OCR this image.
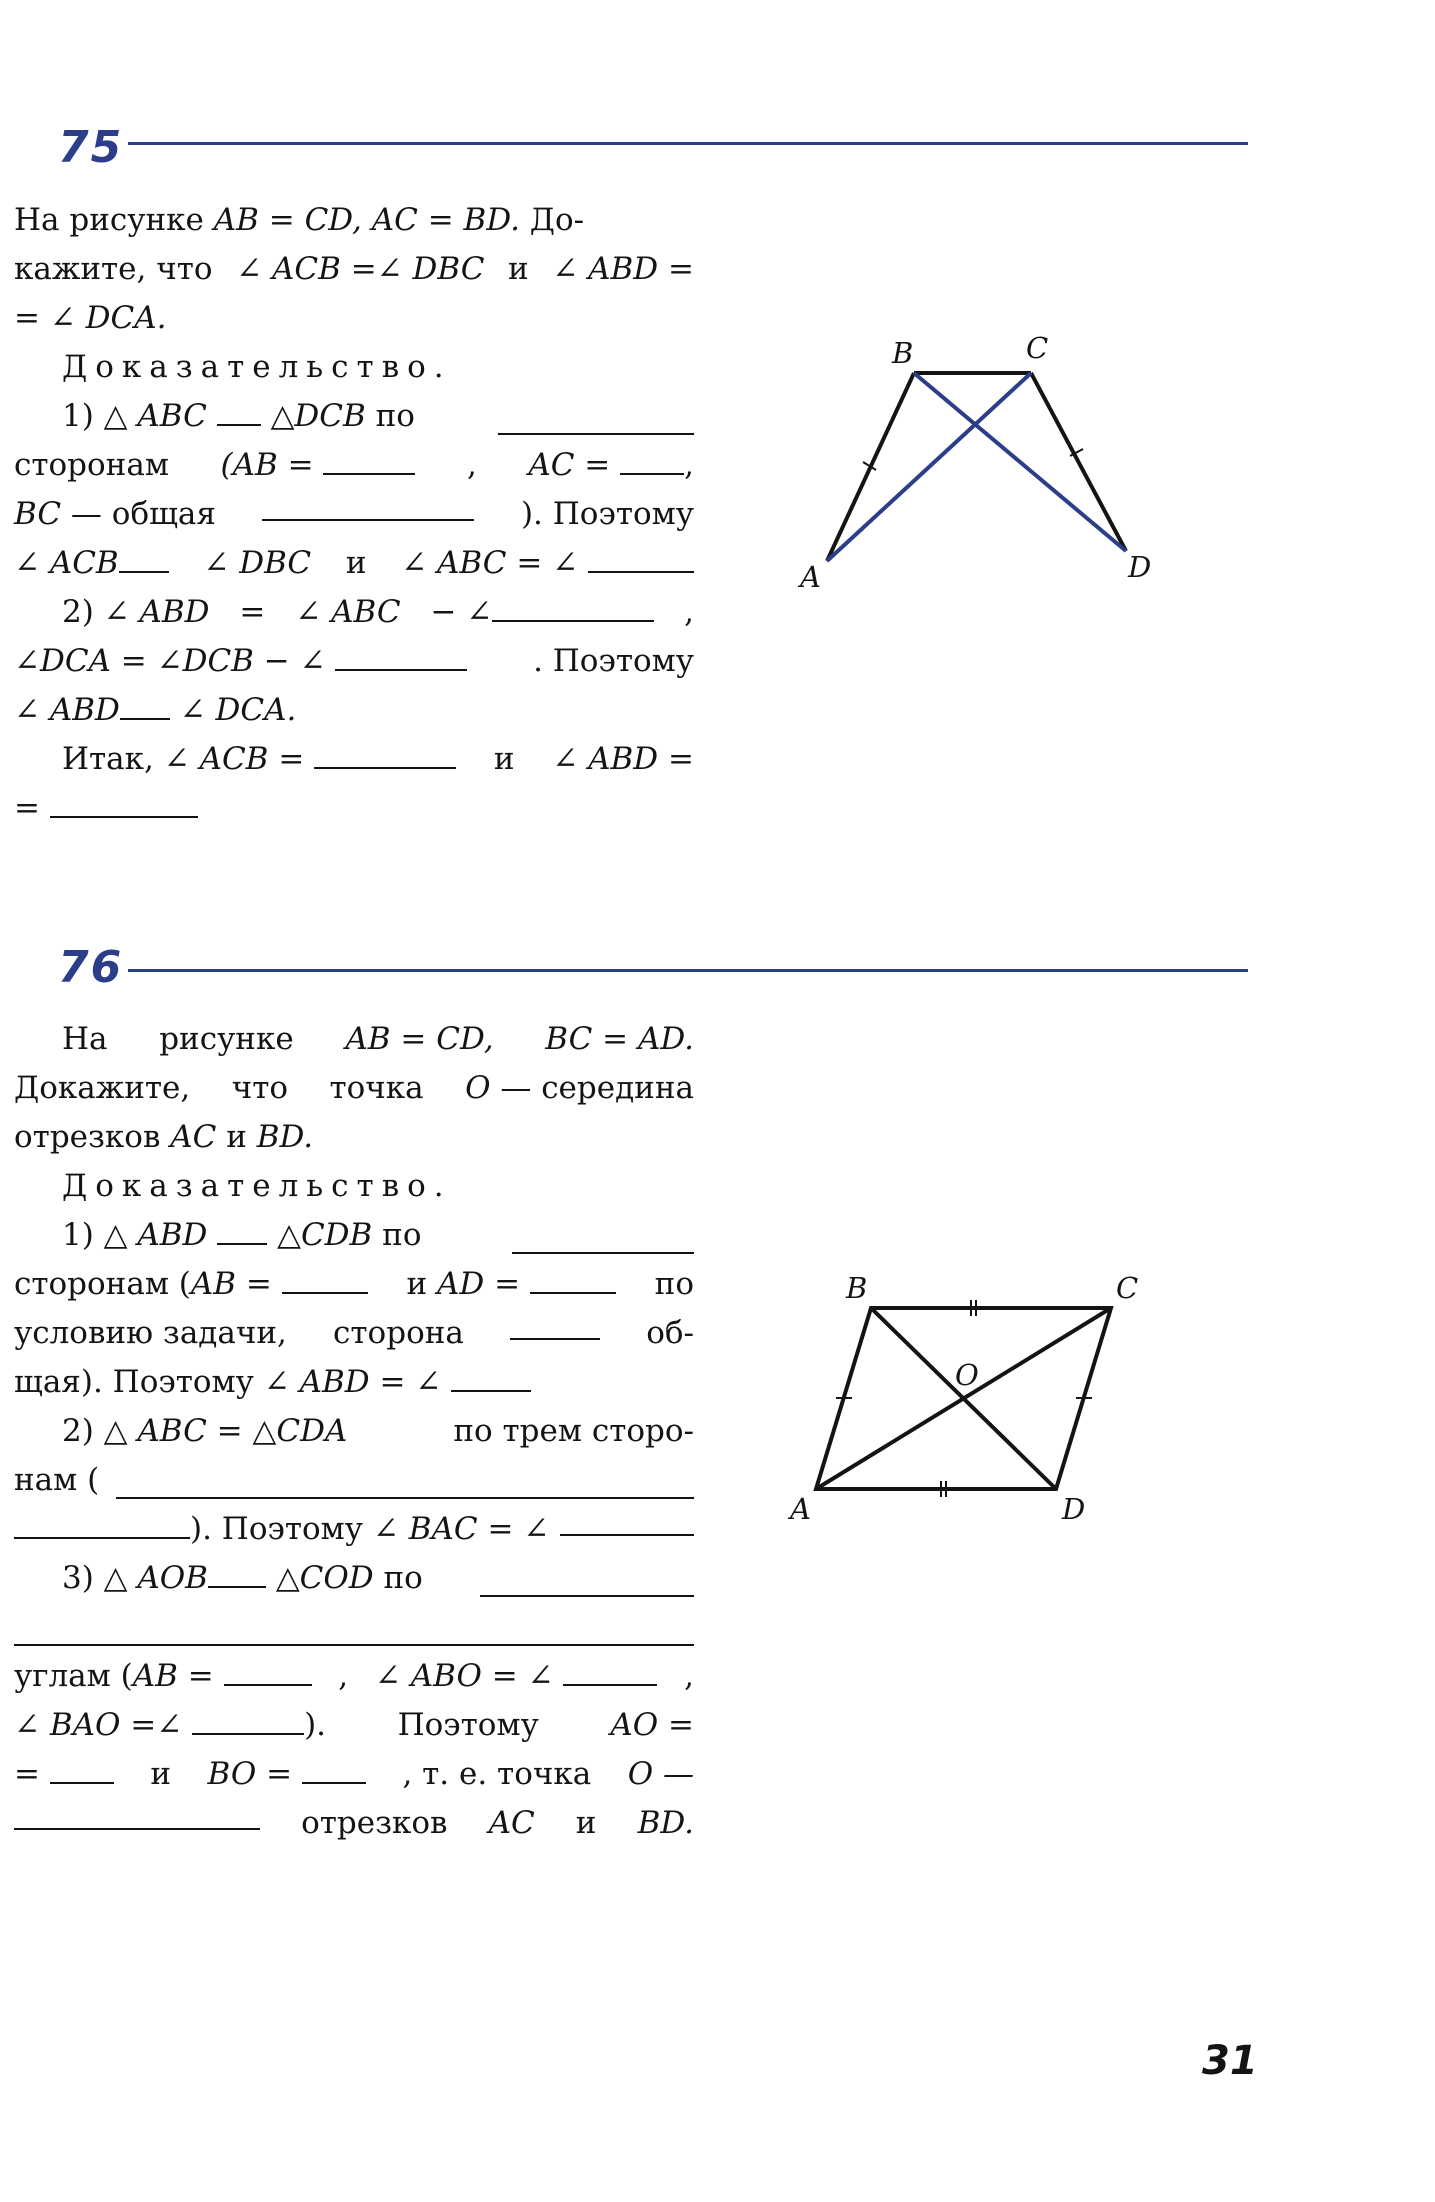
75
На рисунке AB = CD, AC = BD. До-
кажите, что ∠ ACB =∠ DBC и ∠ ABD =
= ∠ DCA.
Доказательство.
1) △ ABC △DCB по
сторонам (AB =	, AC = ,
BC — общая	). Поэтому
∠ ACB	∠ DBC и ∠ ABC = ∠
2) ∠ ABD = ∠ ABC − ∠	,
∠DCA = ∠DCB − ∠	. Поэтому
∠ ABD ∠ DCA.
Итак, ∠ ACB =	и ∠ ABD =
=
B	C
A	D
76
На рисунке AB = CD, BC = AD.
Докажите, что точка O — середина
отрезков AC и BD.
Доказательство.
1) △ ABD △CDB по
сторонам (AB =	и AD =	по
условию задачи, сторона	об-
щая). Поэтому ∠ ABD = ∠
2) △ ABC = △CDA	по трем сторо-
нам (
). Поэтому ∠ BAC = ∠
3) △ AOB △COD по
углам (AB =	, ∠ ABO = ∠	,
∠ BAO =∠	). Поэтому AO =
=	и BO =	, т. е. точка O —
отрезков AC и BD.
B	C
O
A	D
31
